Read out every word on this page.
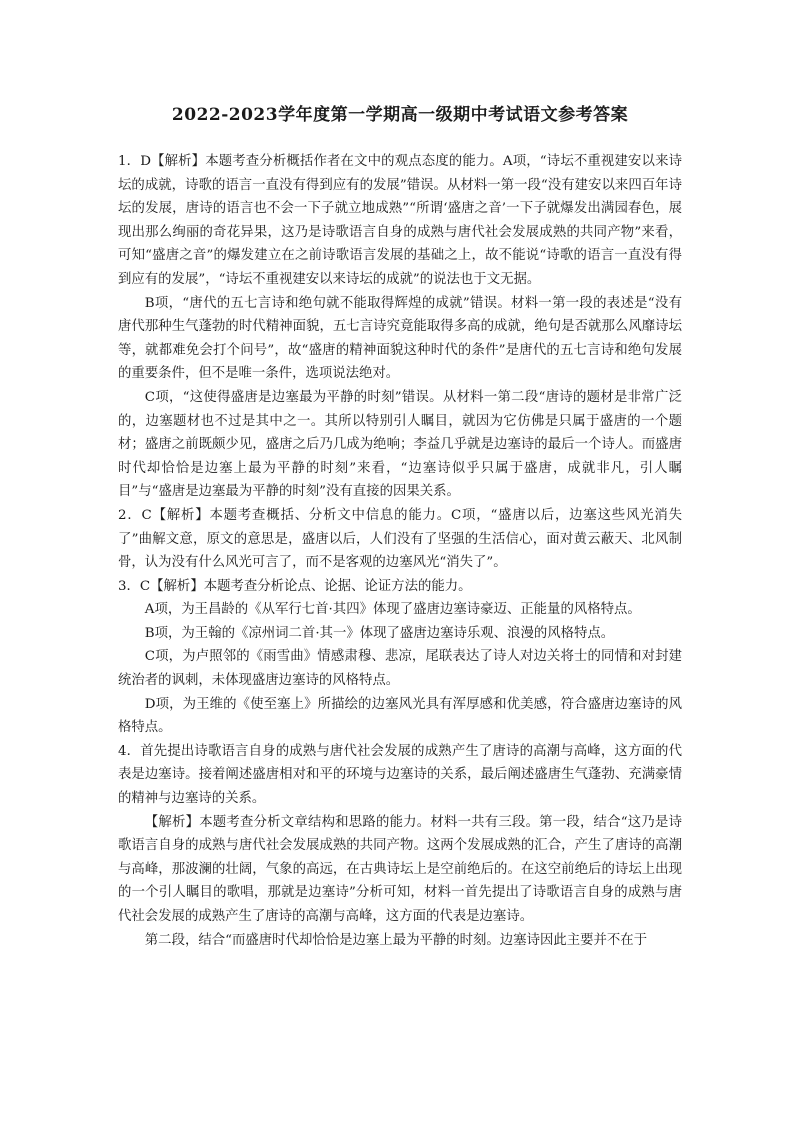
2022-2023学年度第一学期高一级期中考试语文参考答案

1．D【解析】本题考查分析概括作者在文中的观点态度的能力。A项，“诗坛不重视建安以来诗坛的成就，诗歌的语言一直没有得到应有的发展”错误。从材料一第一段“没有建安以来四百年诗坛的发展，唐诗的语言也不会一下子就立地成熟”“所谓‘盛唐之音’一下子就爆发出满园春色，展现出那么绚丽的奇花异果，这乃是诗歌语言自身的成熟与唐代社会发展成熟的共同产物”来看，可知“盛唐之音”的爆发建立在之前诗歌语言发展的基础之上，故不能说“诗歌的语言一直没有得到应有的发展”，“诗坛不重视建安以来诗坛的成就”的说法也于文无据。

B项，“唐代的五七言诗和绝句就不能取得辉煌的成就”错误。材料一第一段的表述是“没有唐代那种生气蓬勃的时代精神面貌，五七言诗究竟能取得多高的成就，绝句是否就那么风靡诗坛等，就都难免会打个问号”，故“盛唐的精神面貌这种时代的条件”是唐代的五七言诗和绝句发展的重要条件，但不是唯一条件，选项说法绝对。

C项，“这使得盛唐是边塞最为平静的时刻”错误。从材料一第二段“唐诗的题材是非常广泛的，边塞题材也不过是其中之一。其所以特别引人瞩目，就因为它仿佛是只属于盛唐的一个题材；盛唐之前既颇少见，盛唐之后乃几成为绝响；李益几乎就是边塞诗的最后一个诗人。而盛唐时代却恰恰是边塞上最为平静的时刻”来看，“边塞诗似乎只属于盛唐，成就非凡，引人瞩目”与“盛唐是边塞最为平静的时刻”没有直接的因果关系。

2．C【解析】本题考查概括、分析文中信息的能力。C项，“盛唐以后，边塞这些风光消失了”曲解文意，原文的意思是，盛唐以后，人们没有了坚强的生活信心，面对黄云蔽天、北风制骨，认为没有什么风光可言了，而不是客观的边塞风光“消失了”。

3．C【解析】本题考查分析论点、论据、论证方法的能力。

A项，为王昌龄的《从军行七首·其四》体现了盛唐边塞诗豪迈、正能量的风格特点。

B项，为王翰的《凉州词二首·其一》体现了盛唐边塞诗乐观、浪漫的风格特点。

C项，为卢照邻的《雨雪曲》情感肃穆、悲凉，尾联表达了诗人对边关将士的同情和对封建统治者的讽刺，未体现盛唐边塞诗的风格特点。

D项，为王维的《使至塞上》所描绘的边塞风光具有浑厚感和优美感，符合盛唐边塞诗的风格特点。

4．首先提出诗歌语言自身的成熟与唐代社会发展的成熟产生了唐诗的高潮与高峰，这方面的代表是边塞诗。接着阐述盛唐相对和平的环境与边塞诗的关系，最后阐述盛唐生气蓬勃、充满豪情的精神与边塞诗的关系。

【解析】本题考查分析文章结构和思路的能力。材料一共有三段。第一段，结合“这乃是诗歌语言自身的成熟与唐代社会发展成熟的共同产物。这两个发展成熟的汇合，产生了唐诗的高潮与高峰，那波澜的壮阔，气象的高远，在古典诗坛上是空前绝后的。在这空前绝后的诗坛上出现的一个引人瞩目的歌唱，那就是边塞诗”分析可知，材料一首先提出了诗歌语言自身的成熟与唐代社会发展的成熟产生了唐诗的高潮与高峰，这方面的代表是边塞诗。

第二段，结合“而盛唐时代却恰恰是边塞上最为平静的时刻。边塞诗因此主要并不在于
